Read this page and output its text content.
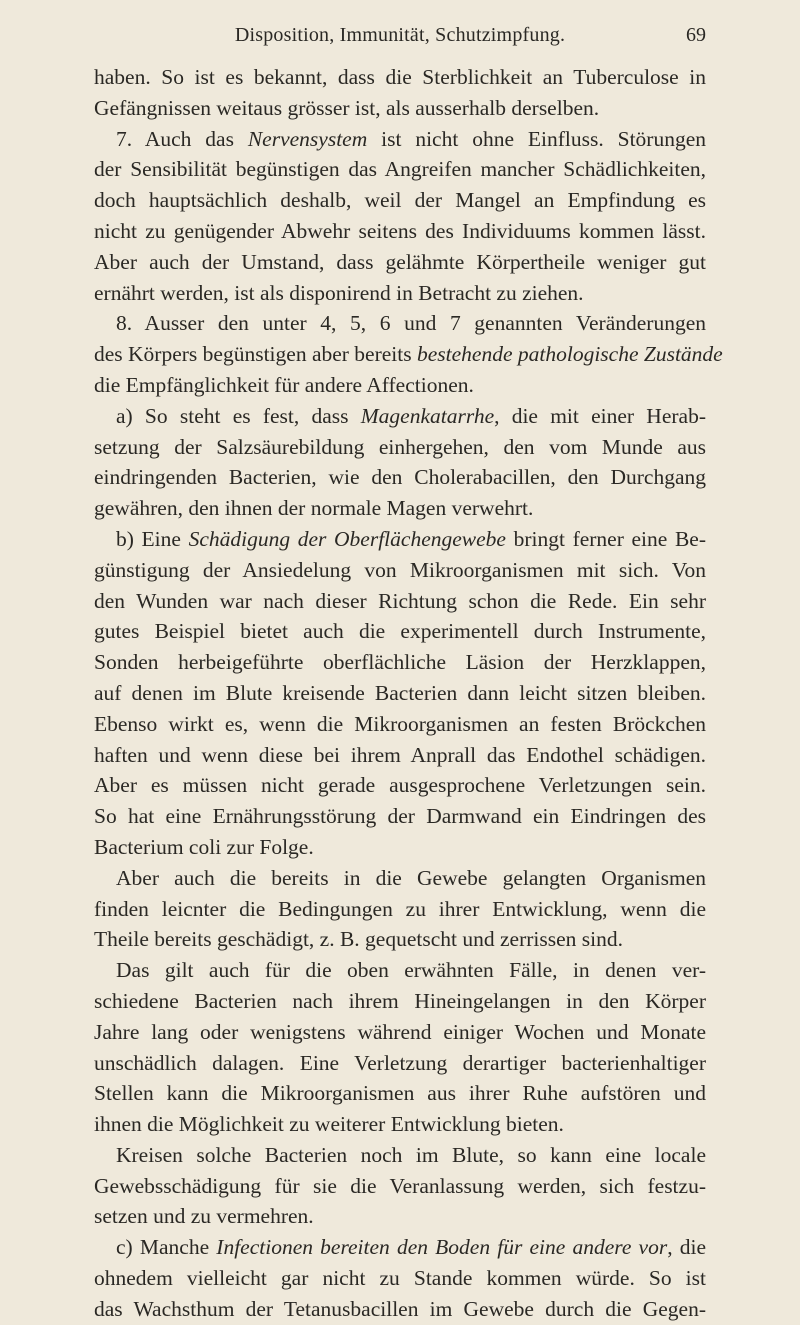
Disposition, Immunität, Schutzimpfung.	69
haben. So ist es bekannt, dass die Sterblichkeit an Tuberculose in
Gefängnissen weitaus grösser ist, als ausserhalb derselben.
7. Auch das Nervensystem ist nicht ohne Einfluss. Störungen
der Sensibilität begünstigen das Angreifen mancher Schädlichkeiten,
doch hauptsächlich deshalb, weil der Mangel an Empfindung es
nicht zu genügender Abwehr seitens des Individuums kommen lässt.
Aber auch der Umstand, dass gelähmte Körpertheile weniger gut
ernährt werden, ist als disponirend in Betracht zu ziehen.
8. Ausser den unter 4, 5, 6 und 7 genannten Veränderungen
des Körpers begünstigen aber bereits bestehende pathologische Zustände
die Empfänglichkeit für andere Affectionen.
a) So steht es fest, dass Magenkatarrhe, die mit einer Herab-
setzung der Salzsäurebildung einhergehen, den vom Munde aus
eindringenden Bacterien, wie den Cholerabacillen, den Durchgang
gewähren, den ihnen der normale Magen verwehrt.
b) Eine Schädigung der Oberflächengewebe bringt ferner eine Be-
günstigung der Ansiedelung von Mikroorganismen mit sich. Von
den Wunden war nach dieser Richtung schon die Rede. Ein sehr
gutes Beispiel bietet auch die experimentell durch Instrumente,
Sonden herbeigeführte oberflächliche Läsion der Herzklappen,
auf denen im Blute kreisende Bacterien dann leicht sitzen bleiben.
Ebenso wirkt es, wenn die Mikroorganismen an festen Bröckchen
haften und wenn diese bei ihrem Anprall das Endothel schädigen.
Aber es müssen nicht gerade ausgesprochene Verletzungen sein.
So hat eine Ernährungsstörung der Darmwand ein Eindringen des
Bacterium coli zur Folge.
Aber auch die bereits in die Gewebe gelangten Organismen
finden leicnter die Bedingungen zu ihrer Entwicklung, wenn die
Theile bereits geschädigt, z. B. gequetscht und zerrissen sind.
Das gilt auch für die oben erwähnten Fälle, in denen ver-
schiedene Bacterien nach ihrem Hineingelangen in den Körper
Jahre lang oder wenigstens während einiger Wochen und Monate
unschädlich dalagen. Eine Verletzung derartiger bacterienhaltiger
Stellen kann die Mikroorganismen aus ihrer Ruhe aufstören und
ihnen die Möglichkeit zu weiterer Entwicklung bieten.
Kreisen solche Bacterien noch im Blute, so kann eine locale
Gewebsschädigung für sie die Veranlassung werden, sich festzu-
setzen und zu vermehren.
c) Manche Infectionen bereiten den Boden für eine andere vor, die
ohnedem vielleicht gar nicht zu Stande kommen würde. So ist
das Wachsthum der Tetanusbacillen im Gewebe durch die Gegen-
